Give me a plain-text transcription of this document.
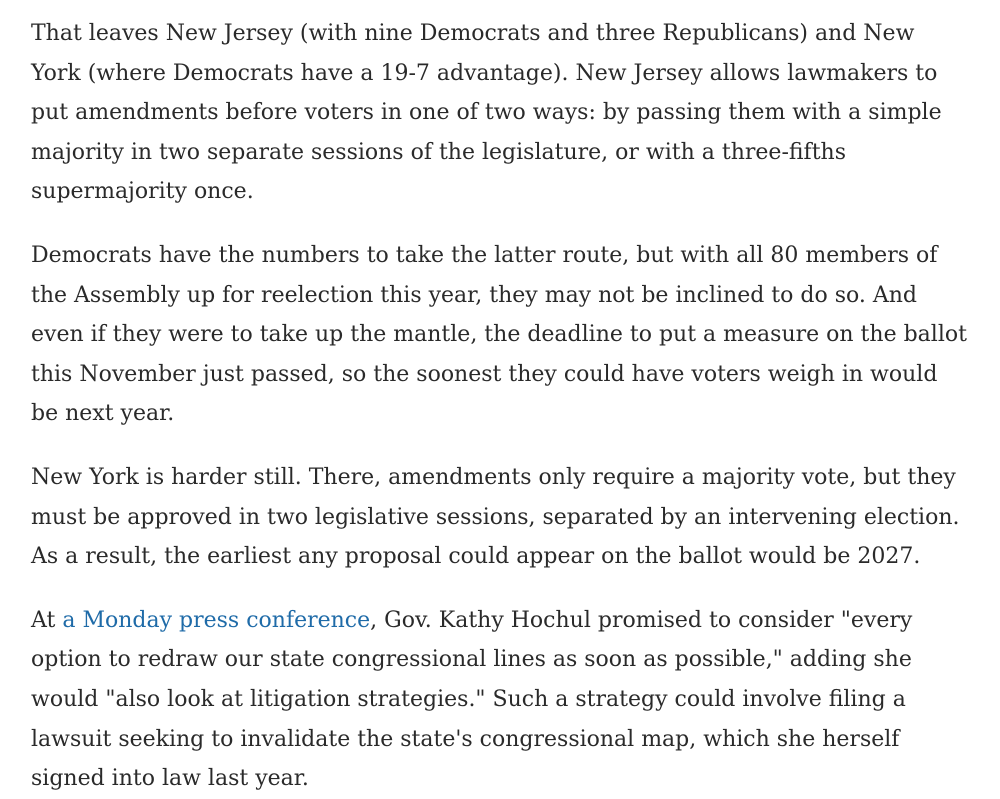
That leaves New Jersey (with nine Democrats and three Republicans) and New York (where Democrats have a 19-7 advantage). New Jersey allows lawmakers to put amendments before voters in one of two ways: by passing them with a simple majority in two separate sessions of the legislature, or with a three-fifths supermajority once.

Democrats have the numbers to take the latter route, but with all 80 members of the Assembly up for reelection this year, they may not be inclined to do so. And even if they were to take up the mantle, the deadline to put a measure on the ballot this November just passed, so the soonest they could have voters weigh in would be next year.

New York is harder still. There, amendments only require a majority vote, but they must be approved in two legislative sessions, separated by an intervening election. As a result, the earliest any proposal could appear on the ballot would be 2027.

At a Monday press conference, Gov. Kathy Hochul promised to consider "every option to redraw our state congressional lines as soon as possible," adding she would "also look at litigation strategies." Such a strategy could involve filing a lawsuit seeking to invalidate the state's congressional map, which she herself signed into law last year.
